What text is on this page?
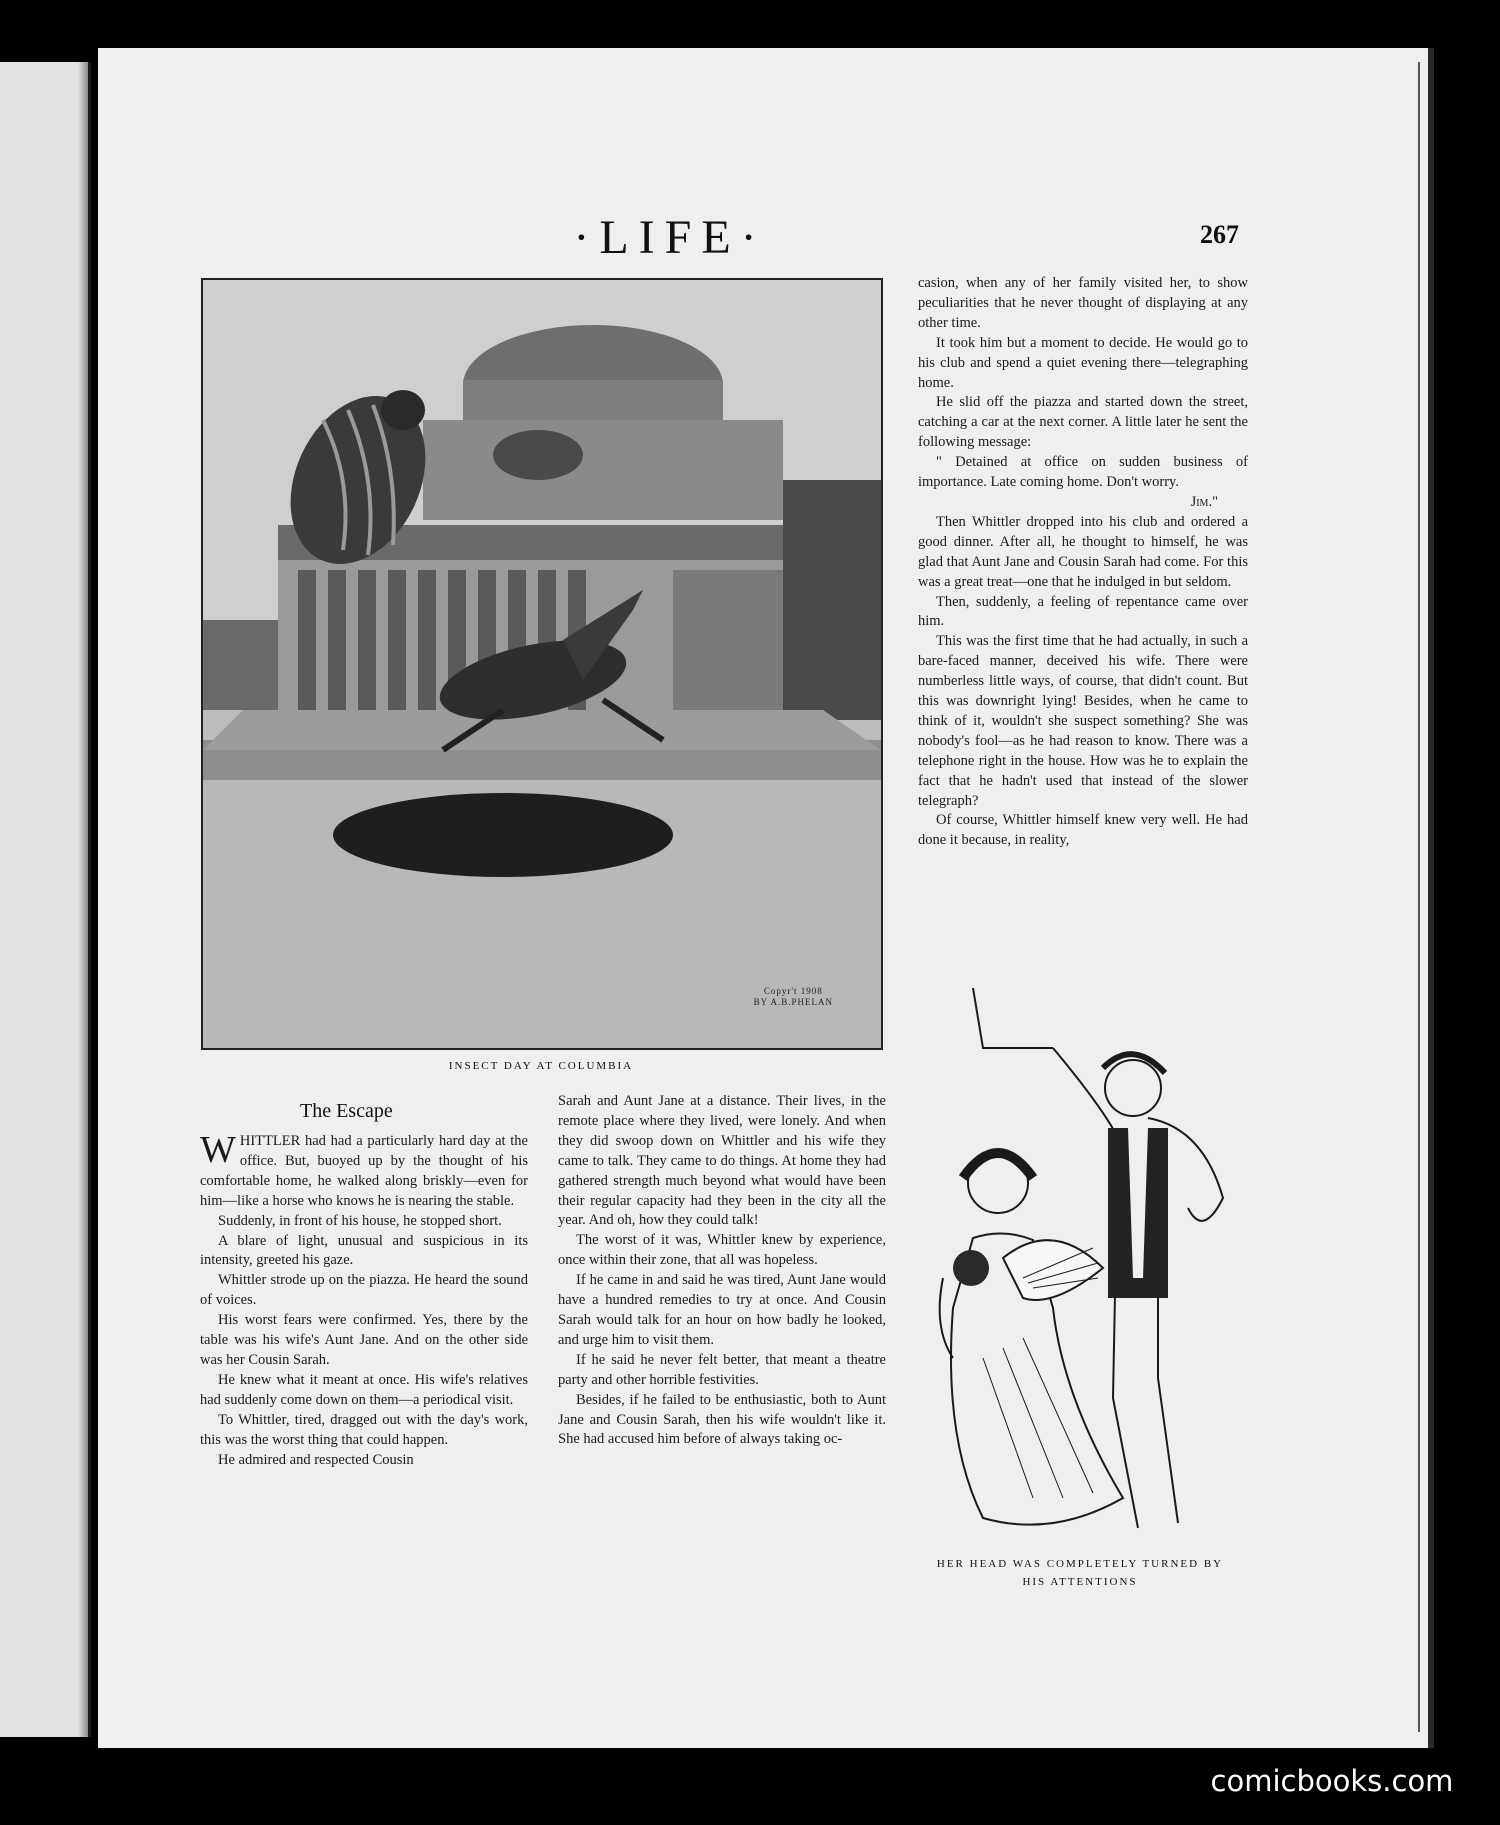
·LIFE·	267
Copyr't 1908
BY A.B.PHELAN
INSECT DAY AT COLUMBIA
The Escape

WHITTLER had had a particularly hard day at the office. But, buoyed up by the thought of his comfortable home, he walked along briskly—even for him—like a horse who knows he is nearing the stable.

Suddenly, in front of his house, he stopped short.

A blare of light, unusual and suspicious in its intensity, greeted his gaze.

Whittler strode up on the piazza. He heard the sound of voices.

His worst fears were confirmed. Yes, there by the table was his wife's Aunt Jane. And on the other side was her Cousin Sarah.

He knew what it meant at once. His wife's relatives had suddenly come down on them—a periodical visit.

To Whittler, tired, dragged out with the day's work, this was the worst thing that could happen.

He admired and respected Cousin

Sarah and Aunt Jane at a distance. Their lives, in the remote place where they lived, were lonely. And when they did swoop down on Whittler and his wife they came to talk. They came to do things. At home they had gathered strength much beyond what would have been their regular capacity had they been in the city all the year. And oh, how they could talk!

The worst of it was, Whittler knew by experience, once within their zone, that all was hopeless.

If he came in and said he was tired, Aunt Jane would have a hundred remedies to try at once. And Cousin Sarah would talk for an hour on how badly he looked, and urge him to visit them.

If he said he never felt better, that meant a theatre party and other horrible festivities.

Besides, if he failed to be enthusiastic, both to Aunt Jane and Cousin Sarah, then his wife wouldn't like it. She had accused him before of always taking oc-

casion, when any of her family visited her, to show peculiarities that he never thought of displaying at any other time.

It took him but a moment to decide. He would go to his club and spend a quiet evening there—telegraphing home.

He slid off the piazza and started down the street, catching a car at the next corner. A little later he sent the following message:

" Detained at office on sudden business of importance. Late coming home. Don't worry.

Jim."

Then Whittler dropped into his club and ordered a good dinner. After all, he thought to himself, he was glad that Aunt Jane and Cousin Sarah had come. For this was a great treat—one that he indulged in but seldom.

Then, suddenly, a feeling of repentance came over him.

This was the first time that he had actually, in such a bare-faced manner, deceived his wife. There were numberless little ways, of course, that didn't count. But this was downright lying! Besides, when he came to think of it, wouldn't she suspect something? She was nobody's fool—as he had reason to know. There was a telephone right in the house. How was he to explain the fact that he hadn't used that instead of the slower telegraph?

Of course, Whittler himself knew very well. He had done it because, in reality,

HER HEAD WAS COMPLETELY TURNED BY
HIS ATTENTIONS
comicbooks.com
